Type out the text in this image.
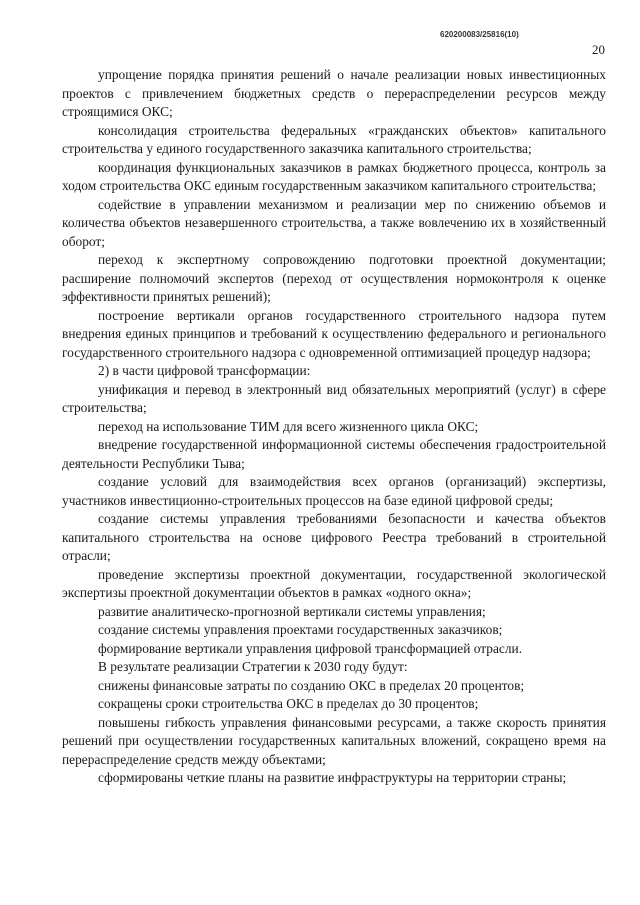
620200083/25816(10)
20

упрощение порядка принятия решений о начале реализации новых инвестиционных проектов с привлечением бюджетных средств о перераспределении ресурсов между строящимися ОКС;

консолидация строительства федеральных «гражданских объектов» капитального строительства у единого государственного заказчика капитального строительства;

координация функциональных заказчиков в рамках бюджетного процесса, контроль за ходом строительства ОКС единым государственным заказчиком капитального строительства;

содействие в управлении механизмом и реализации мер по снижению объемов и количества объектов незавершенного строительства, а также вовлечению их в хозяйственный оборот;

переход к экспертному сопровождению подготовки проектной документации; расширение полномочий экспертов (переход от осуществления нормоконтроля к оценке эффективности принятых решений);

построение вертикали органов государственного строительного надзора путем внедрения единых принципов и требований к осуществлению федерального и регионального государственного строительного надзора с одновременной оптимизацией процедур надзора;

2) в части цифровой трансформации:

унификация и перевод в электронный вид обязательных мероприятий (услуг) в сфере строительства;

переход на использование ТИМ для всего жизненного цикла ОКС;

внедрение государственной информационной системы обеспечения градостроительной деятельности Республики Тыва;

создание условий для взаимодействия всех органов (организаций) экспертизы, участников инвестиционно-строительных процессов на базе единой цифровой среды;

создание системы управления требованиями безопасности и качества объектов капитального строительства на основе цифрового Реестра требований в строительной отрасли;

проведение экспертизы проектной документации, государственной экологической экспертизы проектной документации объектов в рамках «одного окна»;

развитие аналитическо-прогнозной вертикали системы управления;

создание системы управления проектами государственных заказчиков;

формирование вертикали управления цифровой трансформацией отрасли.

В результате реализации Стратегии к 2030 году будут:

снижены финансовые затраты по созданию ОКС в пределах 20 процентов;

сокращены сроки строительства ОКС в пределах до 30 процентов;

повышены гибкость управления финансовыми ресурсами, а также скорость принятия решений при осуществлении государственных капитальных вложений, сокращено время на перераспределение средств между объектами;

сформированы четкие планы на развитие инфраструктуры на территории страны;
